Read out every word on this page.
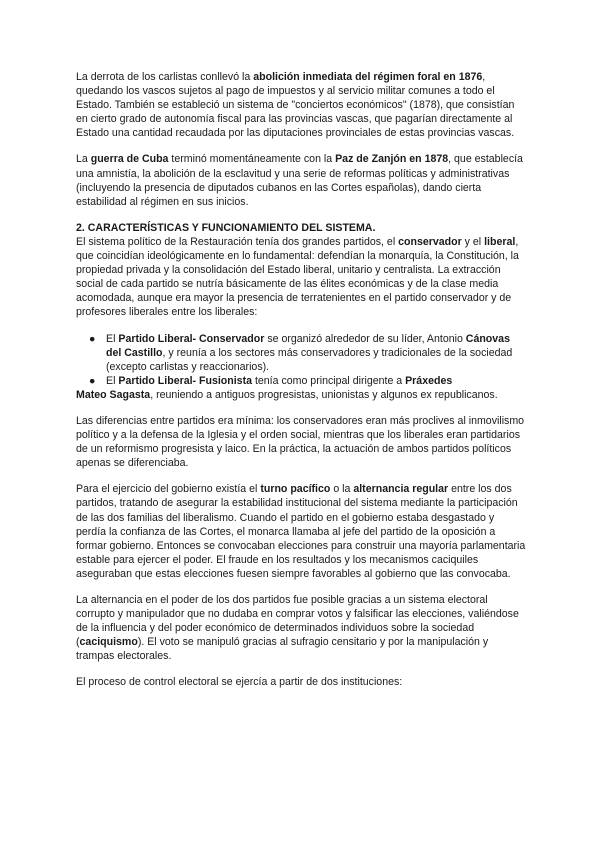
La derrota de los carlistas conllevó la abolición inmediata del régimen foral en 1876, quedando los vascos sujetos al pago de impuestos y al servicio militar comunes a todo el Estado. También se estableció un sistema de "conciertos económicos" (1878), que consistían en cierto grado de autonomía fiscal para las provincias vascas, que pagarían directamente al Estado una cantidad recaudada por las diputaciones provinciales de estas provincias vascas.

La guerra de Cuba terminó momentáneamente con la Paz de Zanjón en 1878, que establecía una amnistía, la abolición de la esclavitud y una serie de reformas políticas y administrativas (incluyendo la presencia de diputados cubanos en las Cortes españolas), dando cierta estabilidad al régimen en sus inicios.

2. CARACTERÍSTICAS Y FUNCIONAMIENTO DEL SISTEMA.

El sistema político de la Restauración tenía dos grandes partidos, el conservador y el liberal, que coincidían ideológicamente en lo fundamental: defendían la monarquía, la Constitución, la propiedad privada y la consolidación del Estado liberal, unitario y centralista. La extracción social de cada partido se nutría básicamente de las élites económicas y de la clase media acomodada, aunque era mayor la presencia de terratenientes en el partido conservador y de profesores liberales entre los liberales:

● El Partido Liberal- Conservador se organizó alrededor de su líder, Antonio Cánovas del Castillo, y reunía a los sectores más conservadores y tradicionales de la sociedad (excepto carlistas y reaccionarios).
● El Partido Liberal- Fusionista tenía como principal dirigente a Práxedes

Mateo Sagasta, reuniendo a antiguos progresistas, unionistas y algunos ex republicanos.

Las diferencias entre partidos era mínima: los conservadores eran más proclives al inmovilismo político y a la defensa de la Iglesia y el orden social, mientras que los liberales eran partidarios de un reformismo progresista y laico. En la práctica, la actuación de ambos partidos políticos apenas se diferenciaba.

Para el ejercicio del gobierno existía el turno pacífico o la alternancia regular entre los dos partidos, tratando de asegurar la estabilidad institucional del sistema mediante la participación de las dos familias del liberalismo. Cuando el partido en el gobierno estaba desgastado y perdía la confianza de las Cortes, el monarca llamaba al jefe del partido de la oposición a formar gobierno. Entonces se convocaban elecciones para construir una mayoría parlamentaria estable para ejercer el poder. El fraude en los resultados y los mecanismos caciquiles aseguraban que estas elecciones fuesen siempre favorables al gobierno que las convocaba.

La alternancia en el poder de los dos partidos fue posible gracias a un sistema electoral corrupto y manipulador que no dudaba en comprar votos y falsificar las elecciones, valiéndose de la influencia y del poder económico de determinados individuos sobre la sociedad (caciquismo). El voto se manipuló gracias al sufragio censitario y por la manipulación y trampas electorales.

El proceso de control electoral se ejercía a partir de dos instituciones:
